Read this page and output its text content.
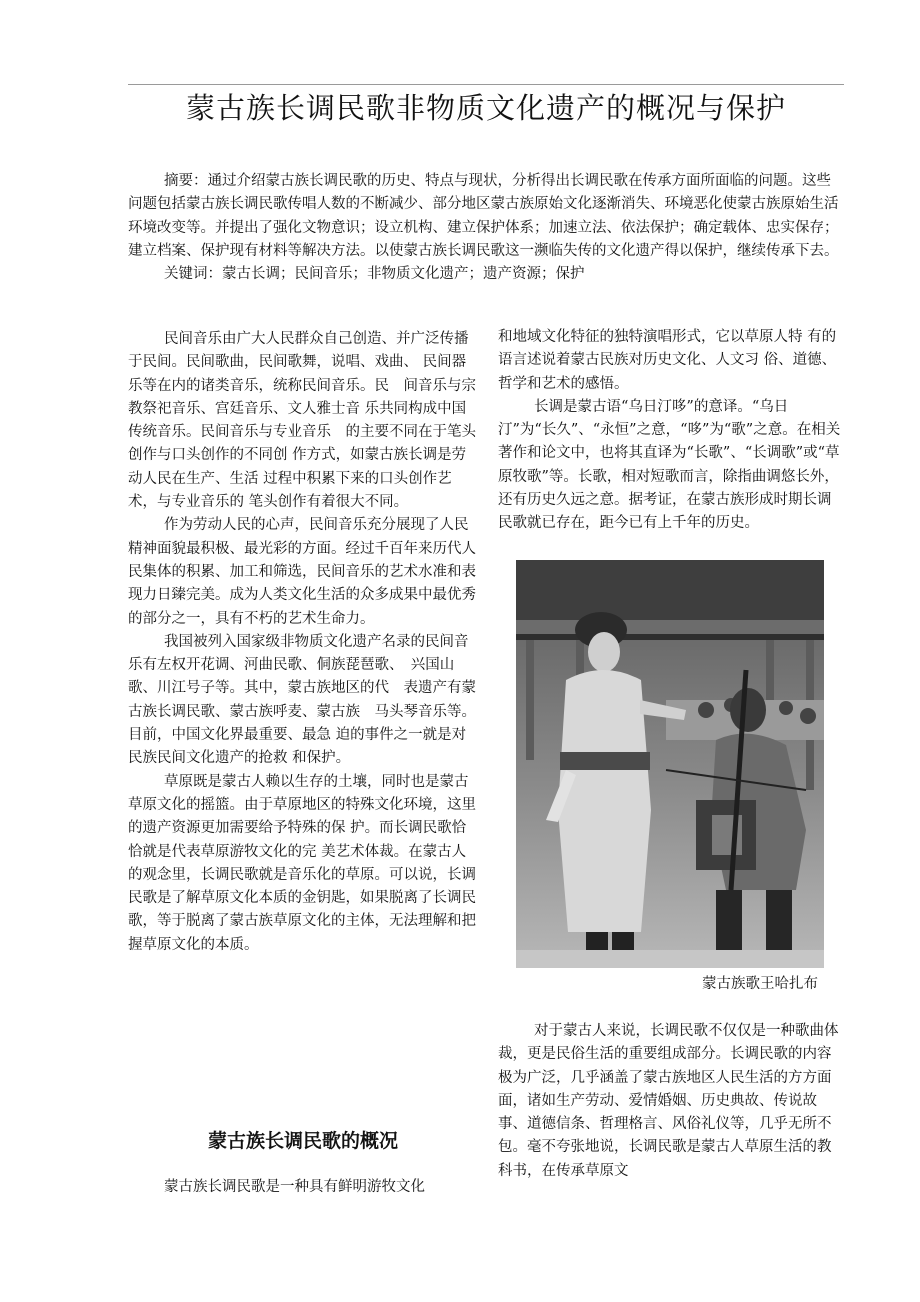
蒙古族长调民歌非物质文化遗产的概况与保护

摘要：通过介绍蒙古族长调民歌的历史、特点与现状，分析得出长调民歌在传承方面所面临的问题。这些问题包括蒙古族长调民歌传唱人数的不断减少、部分地区蒙古族原始文化逐渐消失、环境恶化使蒙古族原始生活环境改变等。并提出了强化文物意识；设立机构、建立保护体系；加速立法、依法保护；确定载体、忠实保存；建立档案、保护现有材料等解决方法。以使蒙古族长调民歌这一濒临失传的文化遗产得以保护，继续传承下去。

关键词：蒙古长调；民间音乐；非物质文化遗产；遗产资源；保护

民间音乐由广大人民群众自己创造、并广泛传播于民间。民间歌曲，民间歌舞，说唱、戏曲、 民间器乐等在内的诸类音乐，统称民间音乐。民　间音乐与宗教祭祀音乐、宫廷音乐、文人雅士音 乐共同构成中国传统音乐。民间音乐与专业音乐　的主要不同在于笔头创作与口头创作的不同创 作方式，如蒙古族长调是劳动人民在生产、生活 过程中积累下来的口头创作艺术，与专业音乐的 笔头创作有着很大不同。

作为劳动人民的心声，民间音乐充分展现了人民精神面貌最积极、最光彩的方面。经过千百年来历代人民集体的积累、加工和筛选，民间音乐的艺术水准和表现力日臻完美。成为人类文化生活的众多成果中最优秀的部分之一，具有不朽的艺术生命力。

我国被列入国家级非物质文化遗产名录的民间音乐有左权开花调、河曲民歌、侗族琵琶歌、　兴国山歌、川江号子等。其中，蒙古族地区的代　表遗产有蒙古族长调民歌、蒙古族呼麦、蒙古族　马头琴音乐等。目前，中国文化界最重要、最急 迫的事件之一就是对民族民间文化遗产的抢救 和保护。

草原既是蒙古人赖以生存的土壤，同时也是蒙古草原文化的摇篮。由于草原地区的特殊文化环境，这里的遗产资源更加需要给予特殊的保 护。而长调民歌恰恰就是代表草原游牧文化的完 美艺术体裁。在蒙古人的观念里，长调民歌就是音乐化的草原。可以说，长调民歌是了解草原文化本质的金钥匙，如果脱离了长调民歌，等于脱离了蒙古族草原文化的主体，无法理解和把握草原文化的本质。

蒙古族长调民歌的概况

蒙古族长调民歌是一种具有鲜明游牧文化

和地域文化特征的独特演唱形式，它以草原人特 有的语言述说着蒙古民族对历史文化、人文习 俗、道德、哲学和艺术的感悟。

长调是蒙古语“乌日汀哆”的意译。“乌日汀”为“长久”、“永恒”之意，“哆”为“歌”之意。在相关著作和论文中，也将其直译为“长歌”、“长调歌”或“草原牧歌”等。长歌，相对短歌而言，除指曲调悠长外，还有历史久远之意。据考证，在蒙古族形成时期长调民歌就已存在，距今已有上千年的历史。

蒙古族歌王哈扎布

对于蒙古人来说，长调民歌不仅仅是一种歌曲体裁，更是民俗生活的重要组成部分。长调民歌的内容极为广泛，几乎涵盖了蒙古族地区人民生活的方方面面，诸如生产劳动、爱情婚姻、历史典故、传说故事、道德信条、哲理格言、风俗礼仪等，几乎无所不包。毫不夸张地说，长调民歌是蒙古人草原生活的教科书，在传承草原文
